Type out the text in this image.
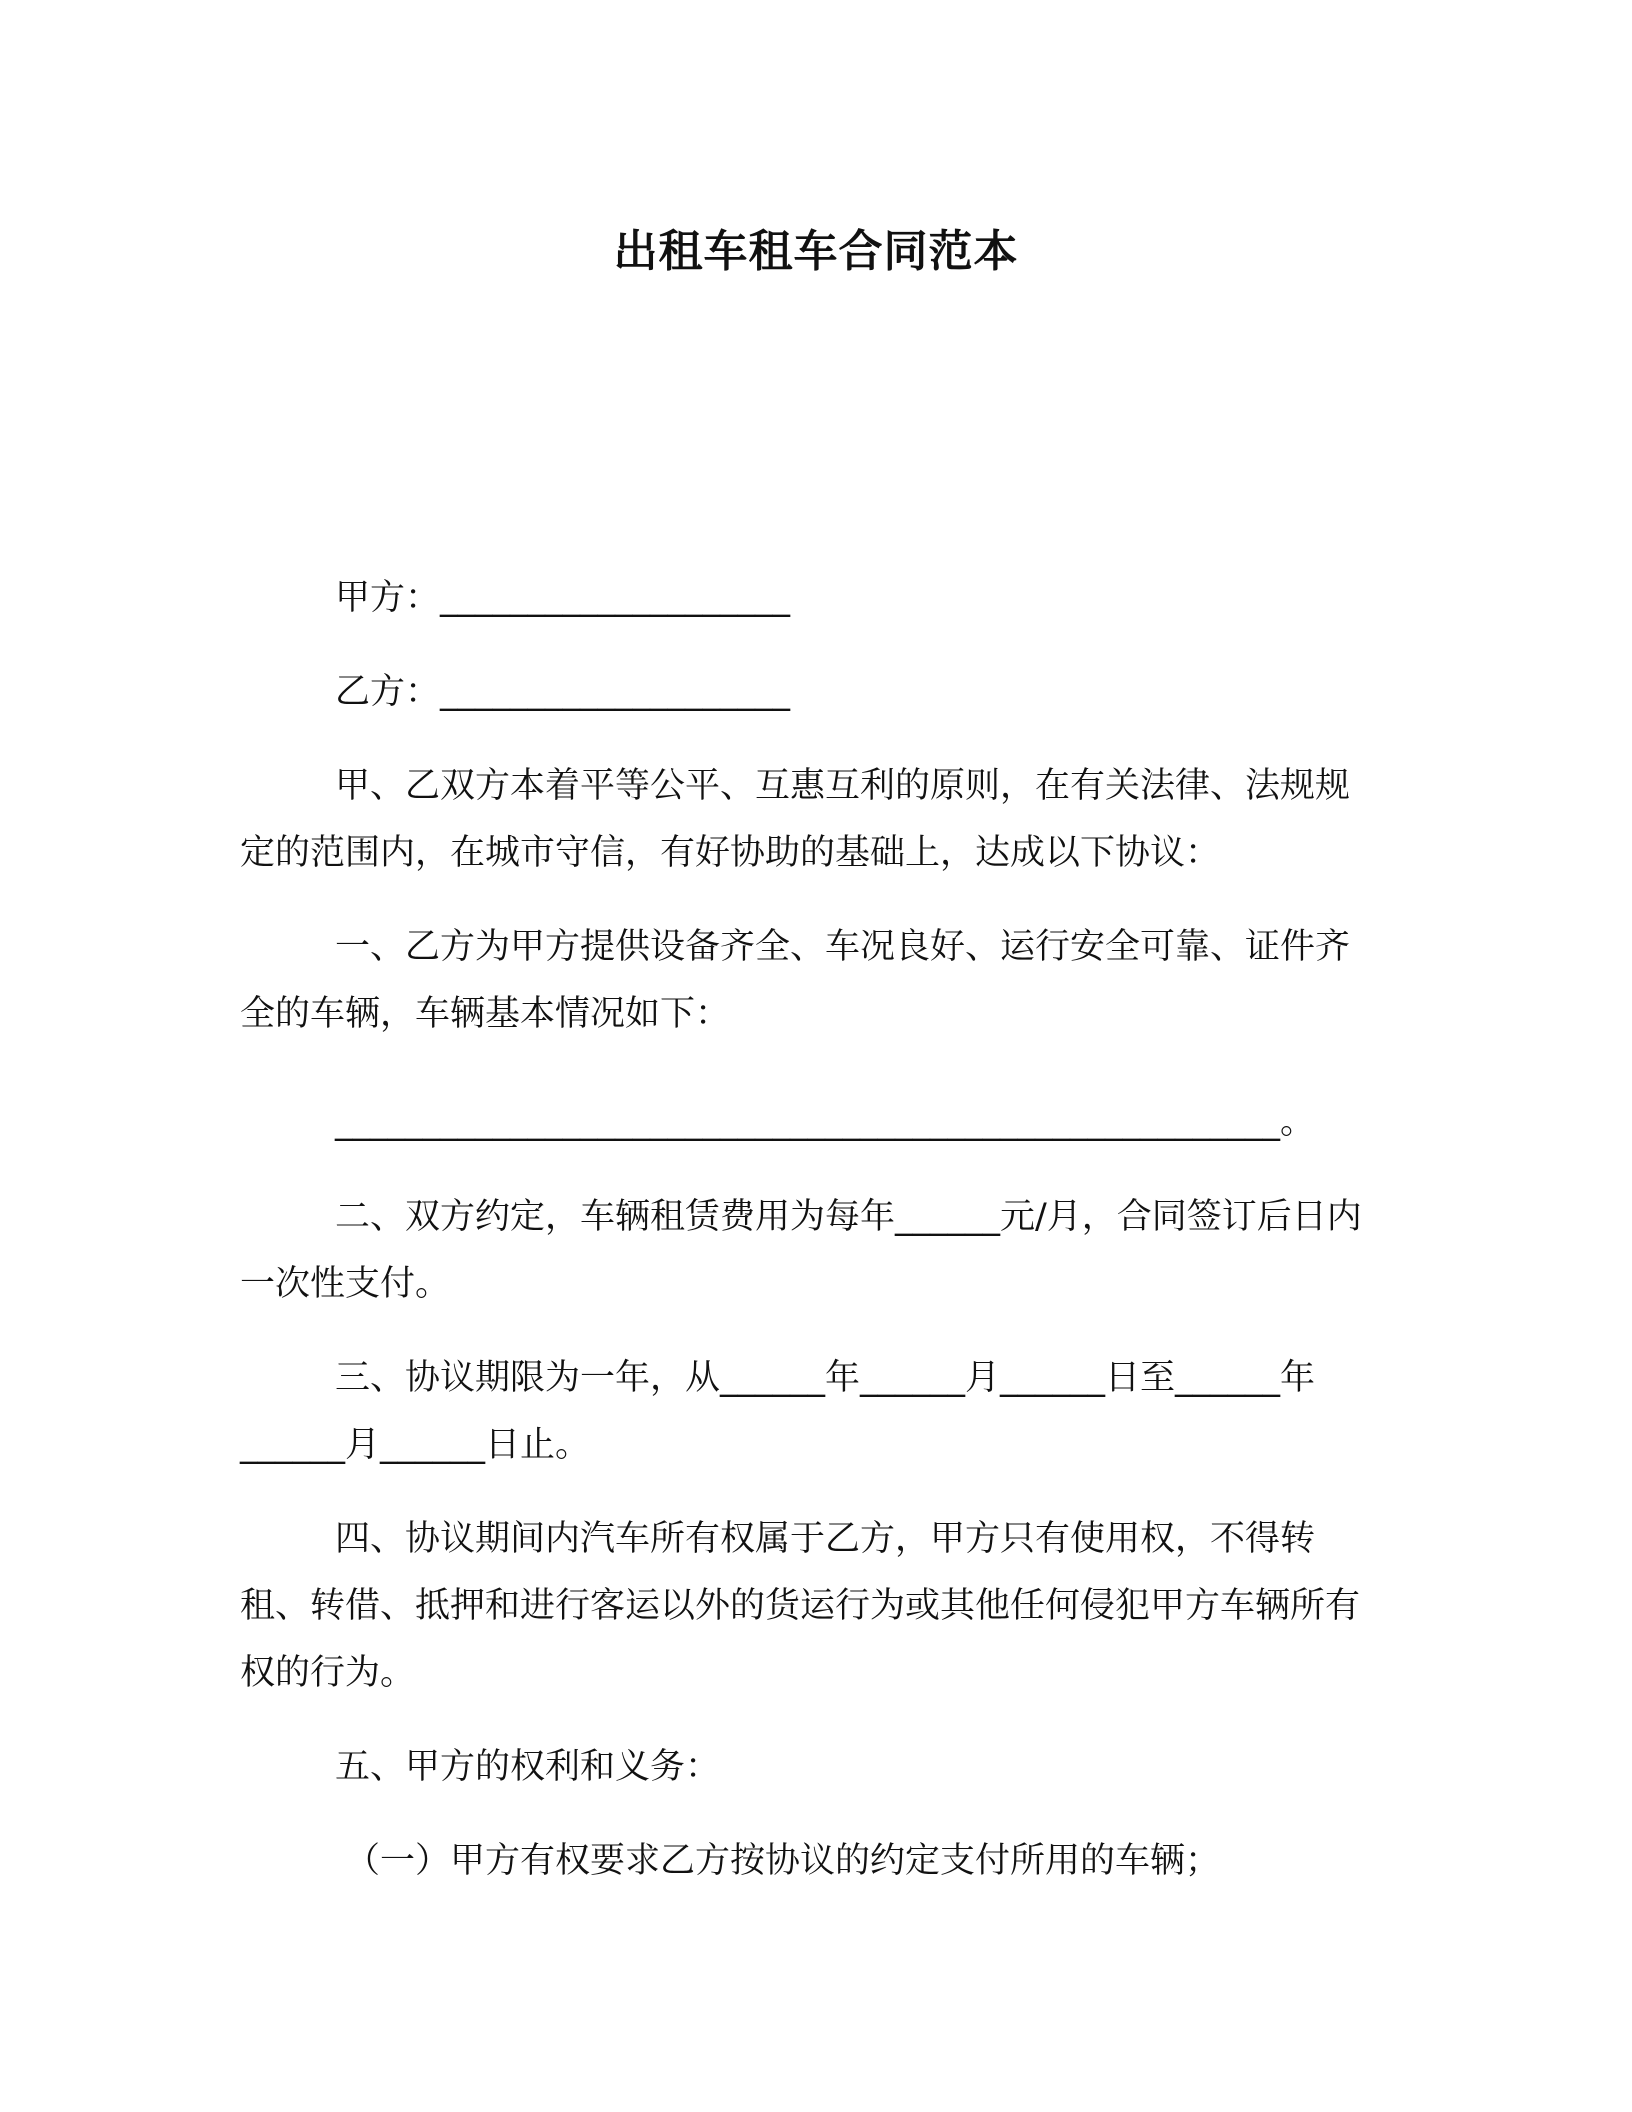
出租车租车合同范本

甲方：____________________

乙方：____________________

甲、乙双方本着平等公平、互惠互利的原则，在有关法律、法规规定的范围内，在城市守信，有好协助的基础上，达成以下协议：

一、乙方为甲方提供设备齐全、车况良好、运行安全可靠、证件齐全的车辆，车辆基本情况如下：

______________________________________________________。

二、双方约定，车辆租赁费用为每年______元/月，合同签订后日内一次性支付。

三、协议期限为一年，从______年______月______日至______年______月______日止。

四、协议期间内汽车所有权属于乙方，甲方只有使用权，不得转租、转借、抵押和进行客运以外的货运行为或其他任何侵犯甲方车辆所有权的行为。

五、甲方的权利和义务：

（一）甲方有权要求乙方按协议的约定支付所用的车辆；
